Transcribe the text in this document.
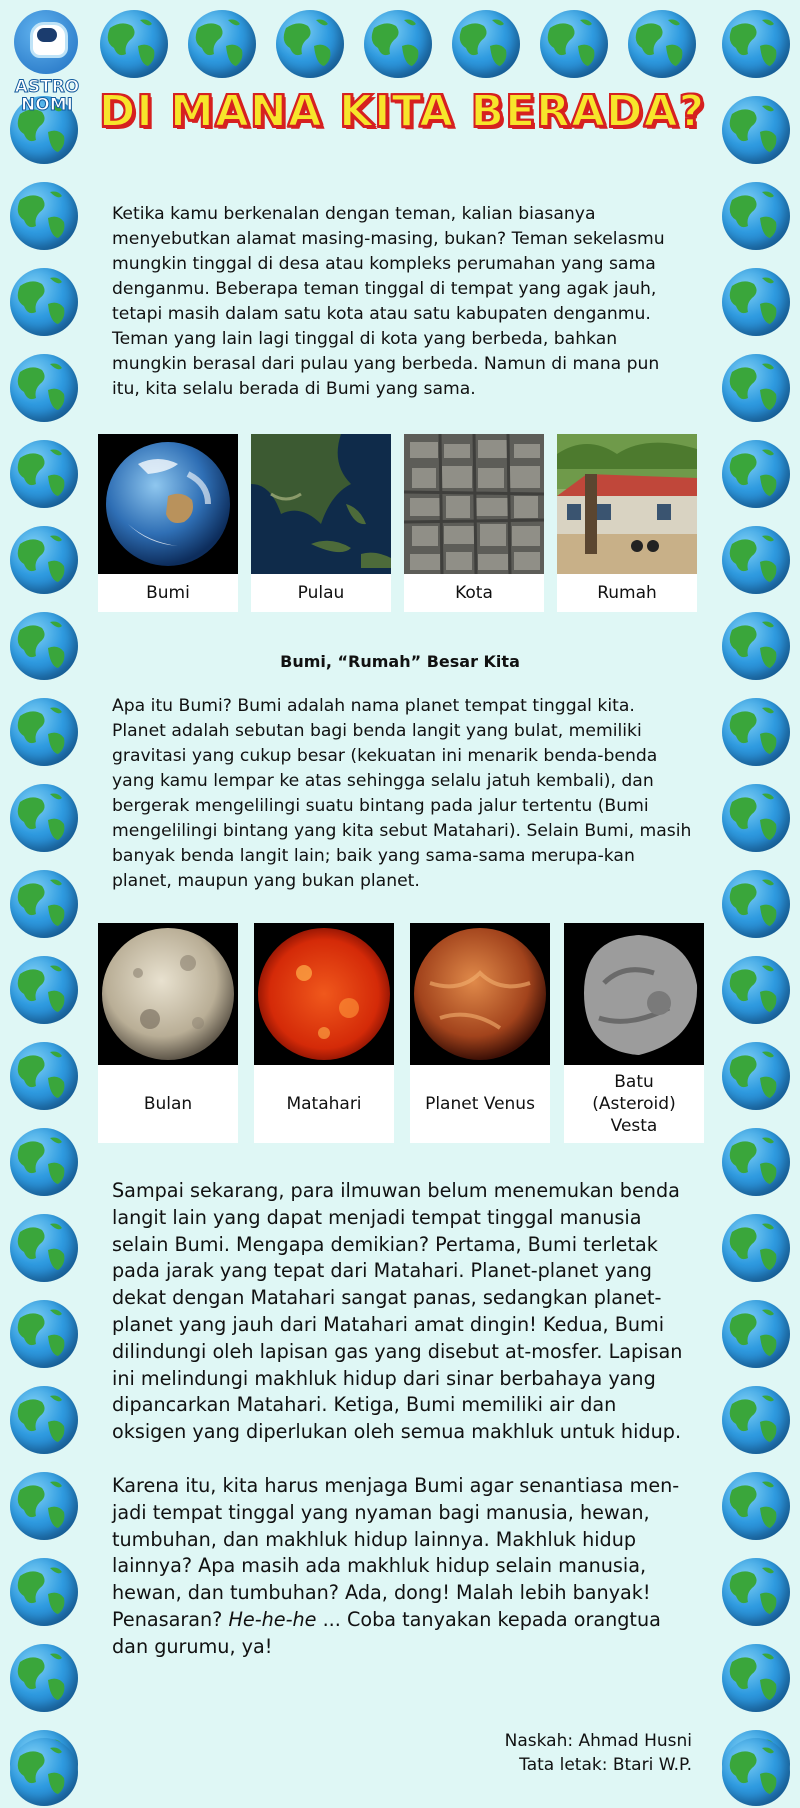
ASTRO
NOMI DI MANA KITA BERADA?
Ketika kamu berkenalan dengan teman, kalian biasanya menyebutkan alamat masing-masing, bukan? Teman sekelasmu mungkin tinggal di desa atau kompleks perumahan yang sama denganmu. Beberapa teman tinggal di tempat yang agak jauh, tetapi masih dalam satu kota atau satu kabupaten denganmu. Teman yang lain lagi tinggal di kota yang berbeda, bahkan mungkin berasal dari pulau yang berbeda. Namun di mana pun itu, kita selalu berada di Bumi yang sama.
Bumi	Pulau	Kota	Rumah
Bumi, “Rumah” Besar Kita
Apa itu Bumi? Bumi adalah nama planet tempat tinggal kita. Planet adalah sebutan bagi benda langit yang bulat, memiliki gravitasi yang cukup besar (kekuatan ini menarik benda-benda yang kamu lempar ke atas sehingga selalu jatuh kembali), dan bergerak mengelilingi suatu bintang pada jalur tertentu (Bumi mengelilingi bintang yang kita sebut Matahari). Selain Bumi, masih banyak benda langit lain; baik yang sama-sama merupa-kan planet, maupun yang bukan planet.
Bulan	Matahari	Planet Venus
Batu (Asteroid) Vesta
Sampai sekarang, para ilmuwan belum menemukan benda langit lain yang dapat menjadi tempat tinggal manusia selain Bumi. Mengapa demikian? Pertama, Bumi terletak pada jarak yang tepat dari Matahari. Planet-planet yang dekat dengan Matahari sangat panas, sedangkan planet-planet yang jauh dari Matahari amat dingin! Kedua, Bumi dilindungi oleh lapisan gas yang disebut at-mosfer. Lapisan ini melindungi makhluk hidup dari sinar berbahaya yang dipancarkan Matahari. Ketiga, Bumi memiliki air dan oksigen yang diperlukan oleh semua makhluk untuk hidup.
Karena itu, kita harus menjaga Bumi agar senantiasa men-jadi tempat tinggal yang nyaman bagi manusia, hewan, tumbuhan, dan makhluk hidup lainnya. Makhluk hidup lainnya? Apa masih ada makhluk hidup selain manusia, hewan, dan tumbuhan? Ada, dong! Malah lebih banyak! Penasaran? He-he-he ... Coba tanyakan kepada orangtua dan gurumu, ya!
Naskah: Ahmad Husni
Tata letak: Btari W.P.
